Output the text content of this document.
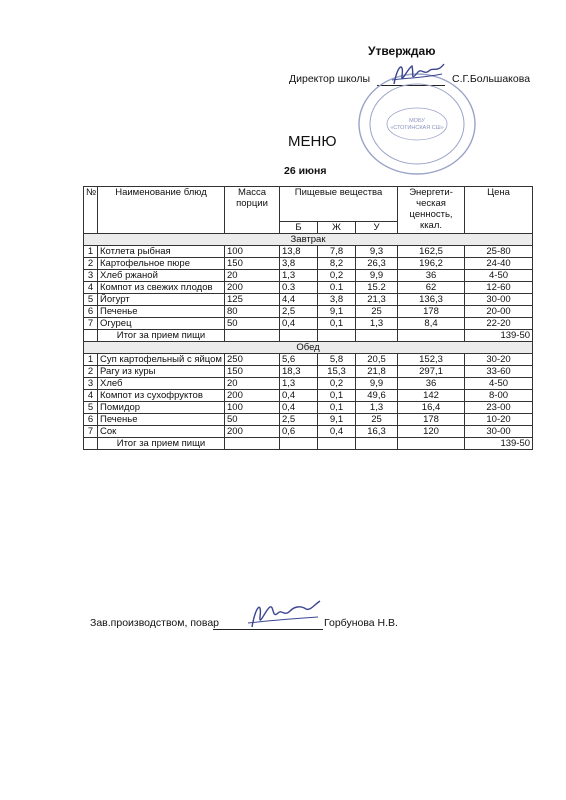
Утверждаю
Директор школы	С.Г.Большакова
МОБУ
«СТОГИНСКАЯ СШ»
МЕНЮ
26 июня
№	Наименование блюд	Масса порции	Пищевые вещества			Энергети-ческая ценность, ккал.	Цена
			Б	Ж	У		
Завтрак							
1	Котлета рыбная	100	13,8	7,8	9,3	162,5	25-80
2	Картофельное пюре	150	3,8	8,2	26,3	196,2	24-40
3	Хлеб ржаной	20	1,3	0,2	9,9	36	4-50
4	Компот из свежих плодов	200	0.3	0.1	15.2	62	12-60
5	Йогурт	125	4,4	3,8	21,3	136,3	30-00
6	Печенье	80	2,5	9,1	25	178	20-00
7	Огурец	50	0,4	0,1	1,3	8,4	22-20
	Итог за прием пищи						139-50
Обед							
1	Суп картофельный с яйцом	250	5,6	5,8	20,5	152,3	30-20
2	Рагу из куры	150	18,3	15,3	21,8	297,1	33-60
3	Хлеб	20	1,3	0,2	9,9	36	4-50
4	Компот из сухофруктов	200	0,4	0,1	49,6	142	8-00
5	Помидор	100	0,4	0,1	1,3	16,4	23-00
6	Печенье	50	2,5	9,1	25	178	10-20
7	Сок	200	0,6	0,4	16,3	120	30-00
	Итог за прием пищи						139-50
Зав.производством, повар	Горбунова Н.В.
